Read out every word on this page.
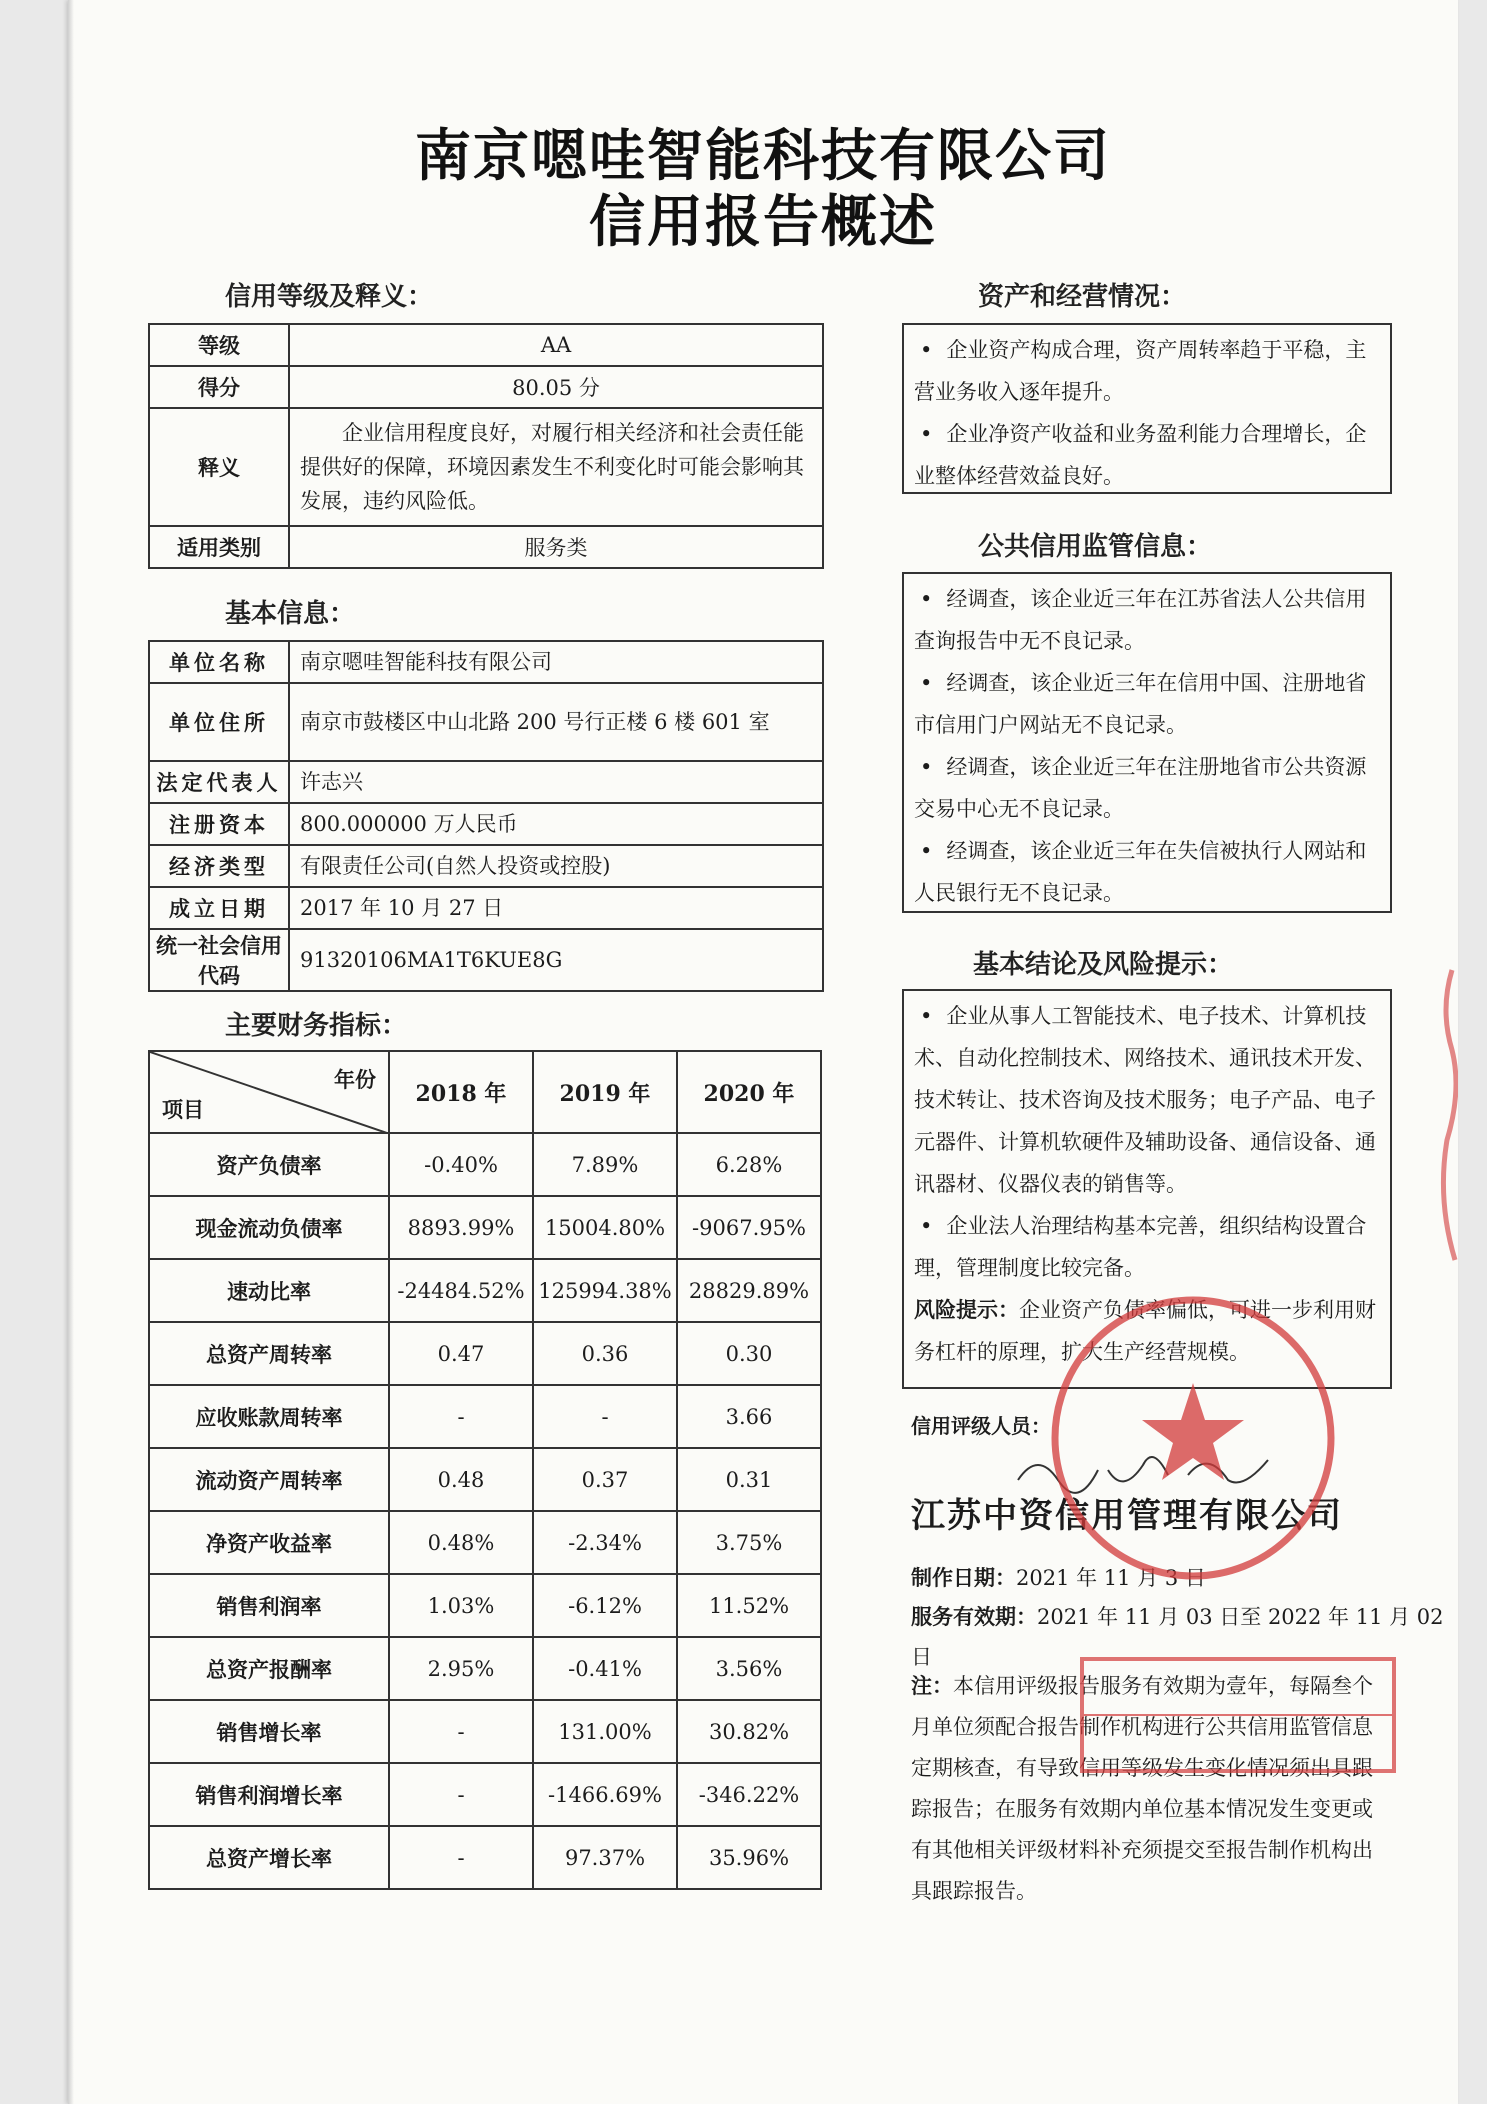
南京嗯哇智能科技有限公司
信用报告概述
信用等级及释义：
等级	AA
得分	80.05 分
释义	企业信用程度良好，对履行相关经济和社会责任能提供好的保障，环境因素发生不利变化时可能会影响其发展，违约风险低。
适用类别	服务类
基本信息：
单位名称	南京嗯哇智能科技有限公司
单位住所	南京市鼓楼区中山北路 200 号行正楼 6 楼 601 室
法定代表人	许志兴
注册资本	800.000000 万人民币
经济类型	有限责任公司(自然人投资或控股)
成立日期	2017 年 10 月 27 日
统一社会信用代码	91320106MA1T6KUE8G
主要财务指标：
年份
项目	2018 年	2019 年	2020 年
资产负债率	-0.40%	7.89%	6.28%
现金流动负债率	8893.99%	15004.80%	-9067.95%
速动比率	-24484.52%	125994.38%	28829.89%
总资产周转率	0.47	0.36	0.30
应收账款周转率	-	-	3.66
流动资产周转率	0.48	0.37	0.31
净资产收益率	0.48%	-2.34%	3.75%
销售利润率	1.03%	-6.12%	11.52%
总资产报酬率	2.95%	-0.41%	3.56%
销售增长率	-	131.00%	30.82%
销售利润增长率	-	-1466.69%	-346.22%
总资产增长率	-	97.37%	35.96%
资产和经营情况：

• 企业资产构成合理，资产周转率趋于平稳，主营业务收入逐年提升。

• 企业净资产收益和业务盈利能力合理增长，企业整体经营效益良好。

公共信用监管信息：

• 经调查，该企业近三年在江苏省法人公共信用查询报告中无不良记录。

• 经调查，该企业近三年在信用中国、注册地省市信用门户网站无不良记录。

• 经调查，该企业近三年在注册地省市公共资源交易中心无不良记录。

• 经调查，该企业近三年在失信被执行人网站和人民银行无不良记录。

基本结论及风险提示：

• 企业从事人工智能技术、电子技术、计算机技术、自动化控制技术、网络技术、通讯技术开发、技术转让、技术咨询及技术服务；电子产品、电子元器件、计算机软硬件及辅助设备、通信设备、通讯器材、仪器仪表的销售等。

• 企业法人治理结构基本完善，组织结构设置合理，管理制度比较完备。

风险提示：企业资产负债率偏低，可进一步利用财务杠杆的原理，扩大生产经营规模。

信用评级人员：
江苏中资信用管理有限公司
制作日期：2021 年 11 月 3 日
服务有效期：2021 年 11 月 03 日至 2022 年 11 月 02 日
注：本信用评级报告服务有效期为壹年，每隔叁个月单位须配合报告制作机构进行公共信用监管信息定期核查，有导致信用等级发生变化情况须出具跟踪报告；在服务有效期内单位基本情况发生变更或有其他相关评级材料补充须提交至报告制作机构出具跟踪报告。
